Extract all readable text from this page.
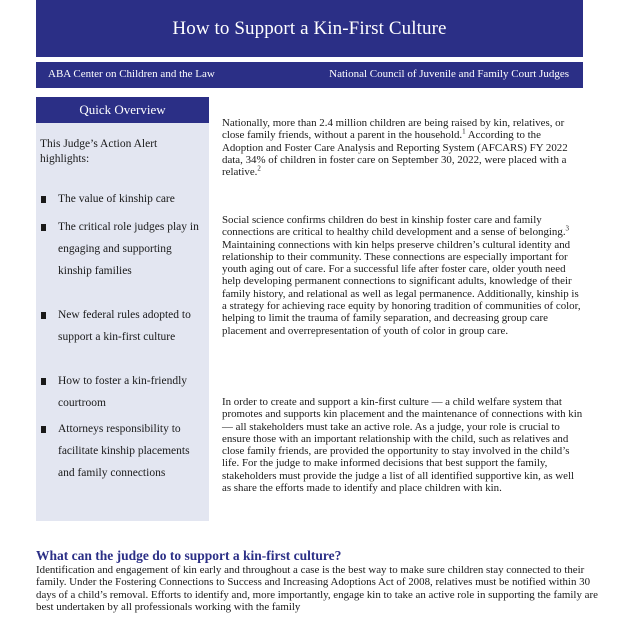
How to Support a Kin-First Culture
ABA Center on Children and the Law	National Council of Juvenile and Family Court Judges
Quick Overview
This Judge’s Action Alert highlights:
The value of kinship care
The critical role judges play in engaging and supporting kinship families
New federal rules adopted to support a kin-first culture
How to foster a kin-friendly courtroom
Attorneys responsibility to facilitate kinship placements and family connections

Nationally, more than 2.4 million children are being raised by kin, relatives, or close family friends, without a parent in the household.$^1$ According to the Adoption and Foster Care Analysis and Reporting System (AFCARS) FY 2022 data, 34% of children in foster care on September 30, 2022, were placed with a relative.$^2$

Social science confirms children do best in kinship foster care and family connections are critical to healthy child development and a sense of belonging.$^3$ Maintaining connections with kin helps preserve children’s cultural identity and relationship to their community. These connections are especially important for youth aging out of care. For a successful life after foster care, older youth need help developing permanent connections to significant adults, knowledge of their family history, and relational as well as legal permanence. Additionally, kinship is a strategy for achieving race equity by honoring tradition of communities of color, helping to limit the trauma of family separation, and decreasing group care placement and overrepresentation of youth of color in group care.

In order to create and support a kin-first culture — a child welfare system that promotes and supports kin placement and the maintenance of connections with kin — all stakeholders must take an active role. As a judge, your role is crucial to ensure those with an important relationship with the child, such as relatives and close family friends, are provided the opportunity to stay involved in the child’s life. For the judge to make informed decisions that best support the family, stakeholders must provide the judge a list of all identified supportive kin, as well as share the efforts made to identify and place children with kin.

What can the judge do to support a kin-first culture?

Identification and engagement of kin early and throughout a case is the best way to make sure children stay connected to their family. Under the Fostering Connections to Success and Increasing Adoptions Act of 2008, relatives must be notified within 30 days of a child’s removal. Efforts to identify and, more importantly, engage kin to take an active role in supporting the family are best undertaken by all professionals working with the family
